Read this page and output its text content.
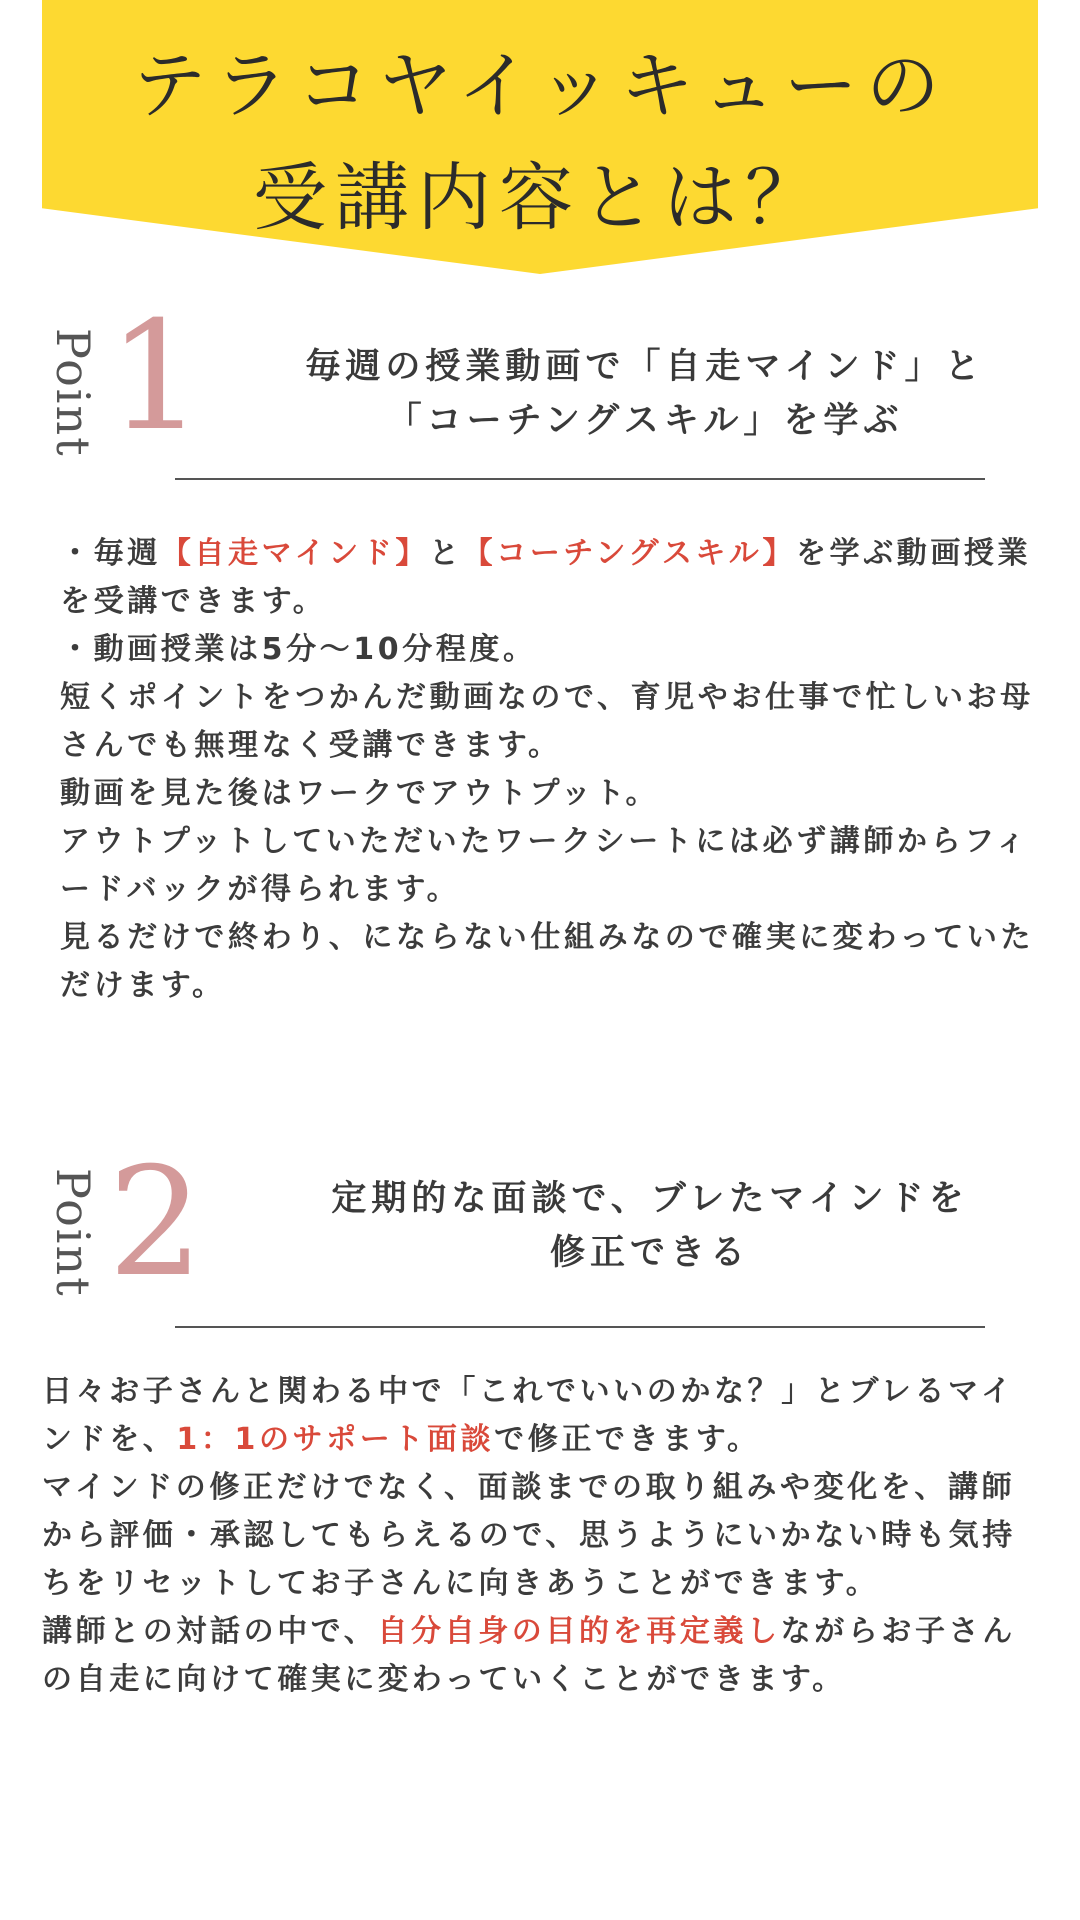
テラコヤイッキューの
受講内容とは？
Point 1	毎週の授業動画で「自走マインド」と
「コーチングスキル」を学ぶ

・毎週【自走マインド】と【コーチングスキル】を学ぶ動画授業を受講できます。

・動画授業は5分～10分程度。

短くポイントをつかんだ動画なので、育児やお仕事で忙しいお母さんでも無理なく受講できます。

動画を見た後はワークでアウトプット。

アウトプットしていただいたワークシートには必ず講師からフィードバックが得られます。

見るだけで終わり、にならない仕組みなので確実に変わっていただけます。

Point 2	定期的な面談で、ブレたマインドを
修正できる

日々お子さんと関わる中で「これでいいのかな？」とブレるマインドを、1：1のサポート面談で修正できます。

マインドの修正だけでなく、面談までの取り組みや変化を、講師から評価・承認してもらえるので、思うようにいかない時も気持ちをリセットしてお子さんに向きあうことができます。

講師との対話の中で、自分自身の目的を再定義しながらお子さんの自走に向けて確実に変わっていくことができます。
